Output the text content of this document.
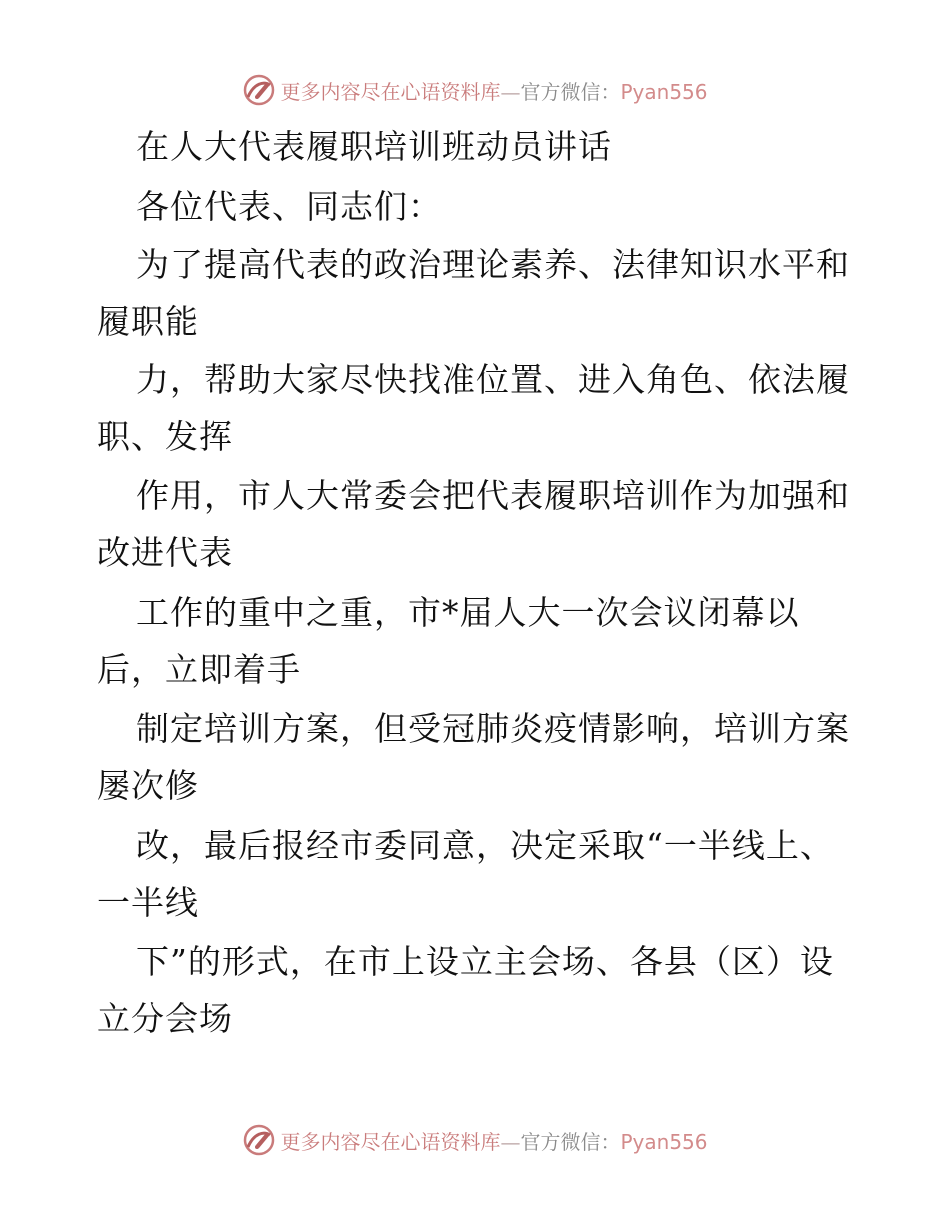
更多内容尽在心语资料库—官方微信：Pyan556
在人大代表履职培训班动员讲话
各位代表、同志们：
为了提高代表的政治理论素养、法律知识水平和
履职能
力，帮助大家尽快找准位置、进入角色、依法履
职、发挥
作用，市人大常委会把代表履职培训作为加强和
改进代表
工作的重中之重，市*届人大一次会议闭幕以
后，立即着手
制定培训方案，但受冠肺炎疫情影响，培训方案
屡次修
改，最后报经市委同意，决定采取“一半线上、
一半线
下”的形式，在市上设立主会场、各县（区）设
立分会场
更多内容尽在心语资料库—官方微信：Pyan556
